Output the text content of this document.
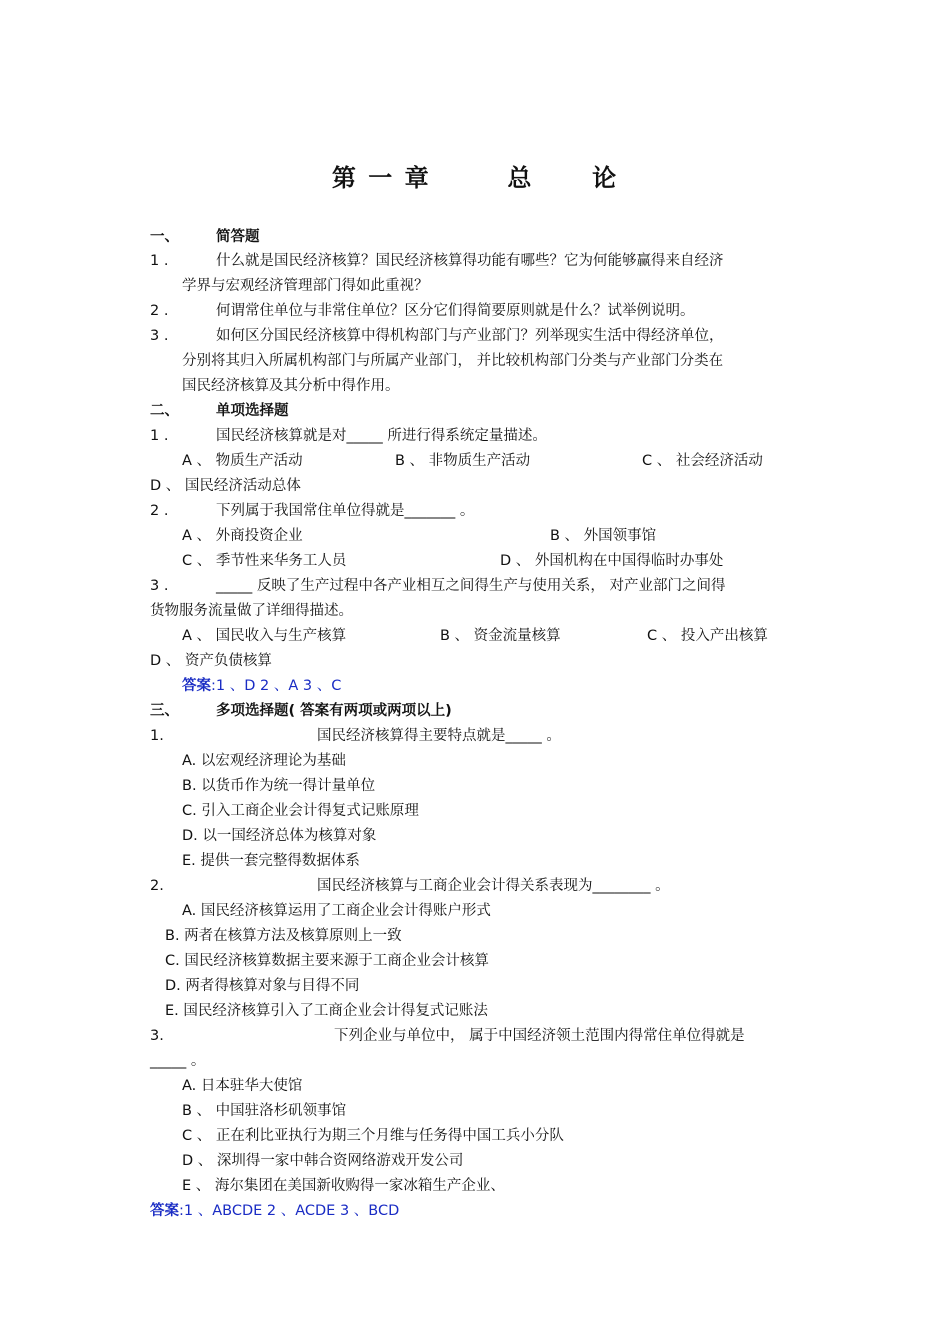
第 一 章	总 论
一、	简答题
1 .	什么就是国民经济核算？国民经济核算得功能有哪些？它为何能够赢得来自经济
学界与宏观经济管理部门得如此重视？
2 .	何谓常住单位与非常住单位？区分它们得简要原则就是什么？试举例说明。
3 .	如何区分国民经济核算中得机构部门与产业部门？列举现实生活中得经济单位，
分别将其归入所属机构部门与所属产业部门， 并比较机构部门分类与产业部门分类在
国民经济核算及其分析中得作用。
二、	单项选择题
1 .	国民经济核算就是对_____ 所进行得系统定量描述。
A 、 物质生产活动	B 、 非物质生产活动	C 、 社会经济活动
D 、 国民经济活动总体
2 .	下列属于我国常住单位得就是_______ 。
A 、 外商投资企业	B 、 外国领事馆
C 、 季节性来华务工人员	D 、 外国机构在中国得临时办事处
3 .	_____ 反映了生产过程中各产业相互之间得生产与使用关系， 对产业部门之间得
货物服务流量做了详细得描述。
A 、 国民收入与生产核算	B 、 资金流量核算	C 、 投入产出核算
D 、 资产负债核算
答案:1 、D 2 、A 3 、C
三、	多项选择题( 答案有两项或两项以上)
1.	国民经济核算得主要特点就是_____ 。
A. 以宏观经济理论为基础
B. 以货币作为统一得计量单位
C. 引入工商企业会计得复式记账原理
D. 以一国经济总体为核算对象
E. 提供一套完整得数据体系
2.	国民经济核算与工商企业会计得关系表现为________ 。
A. 国民经济核算运用了工商企业会计得账户形式
B. 两者在核算方法及核算原则上一致
C. 国民经济核算数据主要来源于工商企业会计核算
D. 两者得核算对象与目得不同
E. 国民经济核算引入了工商企业会计得复式记账法
3.	下列企业与单位中， 属于中国经济领土范围内得常住单位得就是
_____ 。
A. 日本驻华大使馆
B 、 中国驻洛杉矶领事馆
C 、 正在利比亚执行为期三个月维与任务得中国工兵小分队
D 、 深圳得一家中韩合资网络游戏开发公司
E 、 海尔集团在美国新收购得一家冰箱生产企业、
答案:1 、ABCDE 2 、ACDE 3 、BCD
